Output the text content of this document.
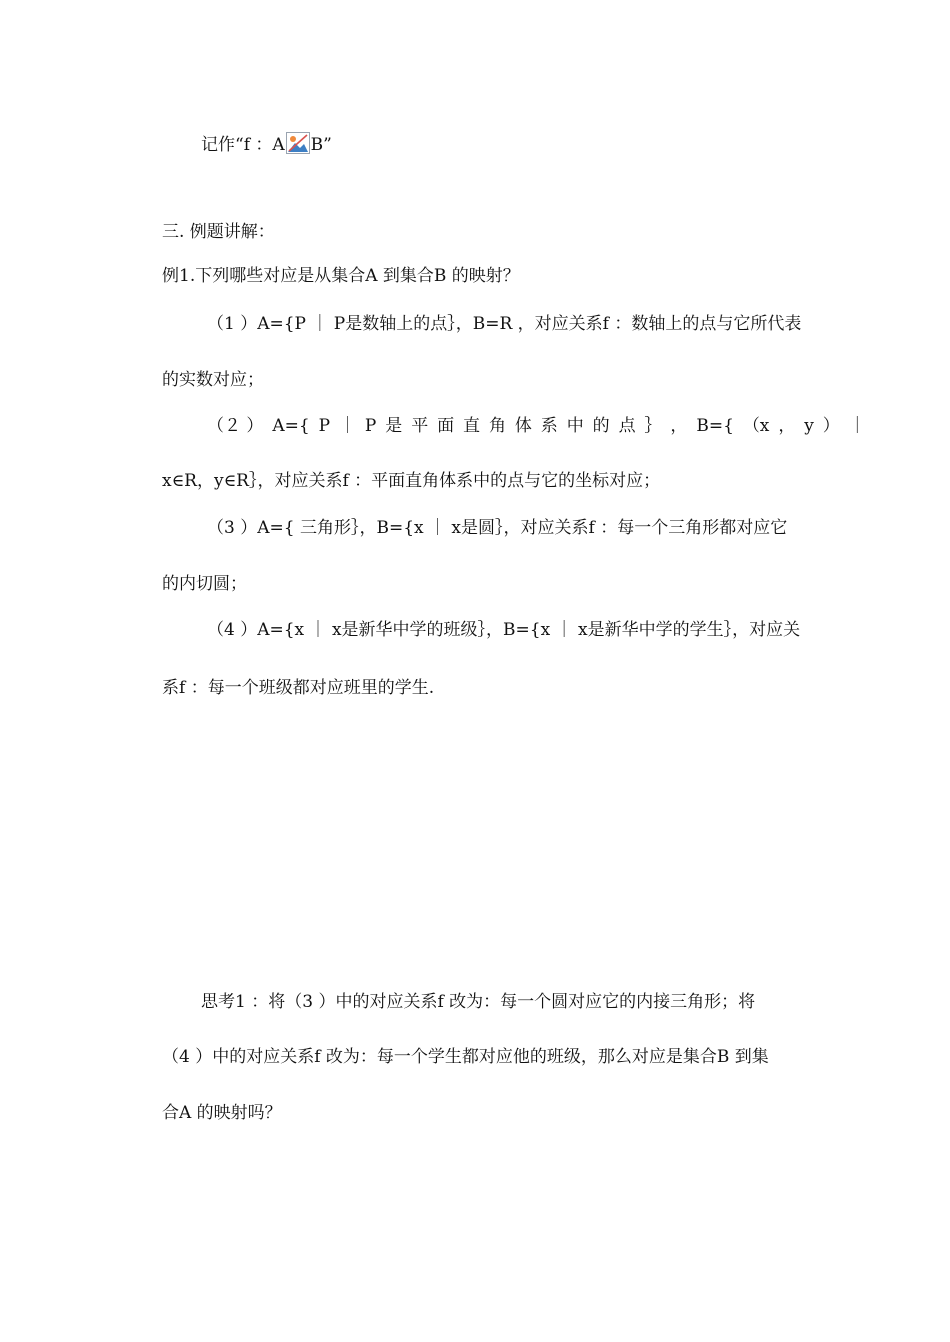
记作“f ：A B”
三. 例题讲解：
例1.下列哪些对应是从集合A 到集合B 的映射？
（1 ）A={P ｜ P是数轴上的点｝，B=R ，对应关系f ：数轴上的点与它所代表
的实数对应；
（２ ） A={ P ｜ P 是 平 面 直 角 体 系 中 的 点 ｝ ， B={ （x ， y ） ｜
x∈R，y∈R｝，对应关系f ：平面直角体系中的点与它的坐标对应；
（3 ）A={ 三角形｝，B={x ｜ x是圆｝，对应关系f ：每一个三角形都对应它
的内切圆；
（4 ）A={x ｜ x是新华中学的班级｝，B={x ｜ x是新华中学的学生｝，对应关
系f ：每一个班级都对应班里的学生.
思考1 ：将（3 ）中的对应关系f 改为：每一个圆对应它的内接三角形；将
（4 ）中的对应关系f 改为：每一个学生都对应他的班级，那么对应是集合B 到集
合A 的映射吗？
